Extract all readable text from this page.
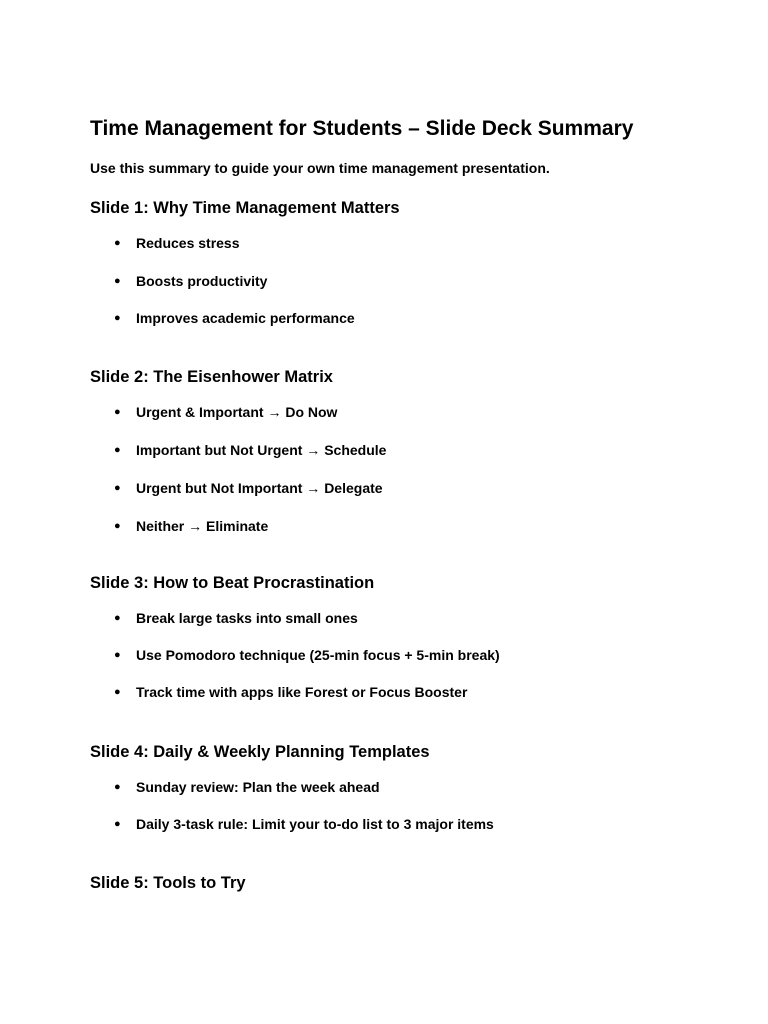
Time Management for Students – Slide Deck Summary

Use this summary to guide your own time management presentation.

Slide 1: Why Time Management Matters
● Reduces stress
● Boosts productivity
● Improves academic performance
Slide 2: The Eisenhower Matrix
● Urgent & Important → Do Now
● Important but Not Urgent → Schedule
● Urgent but Not Important → Delegate
● Neither → Eliminate
Slide 3: How to Beat Procrastination
● Break large tasks into small ones
● Use Pomodoro technique (25-min focus + 5-min break)
● Track time with apps like Forest or Focus Booster
Slide 4: Daily & Weekly Planning Templates
● Sunday review: Plan the week ahead
● Daily 3-task rule: Limit your to-do list to 3 major items
Slide 5: Tools to Try
